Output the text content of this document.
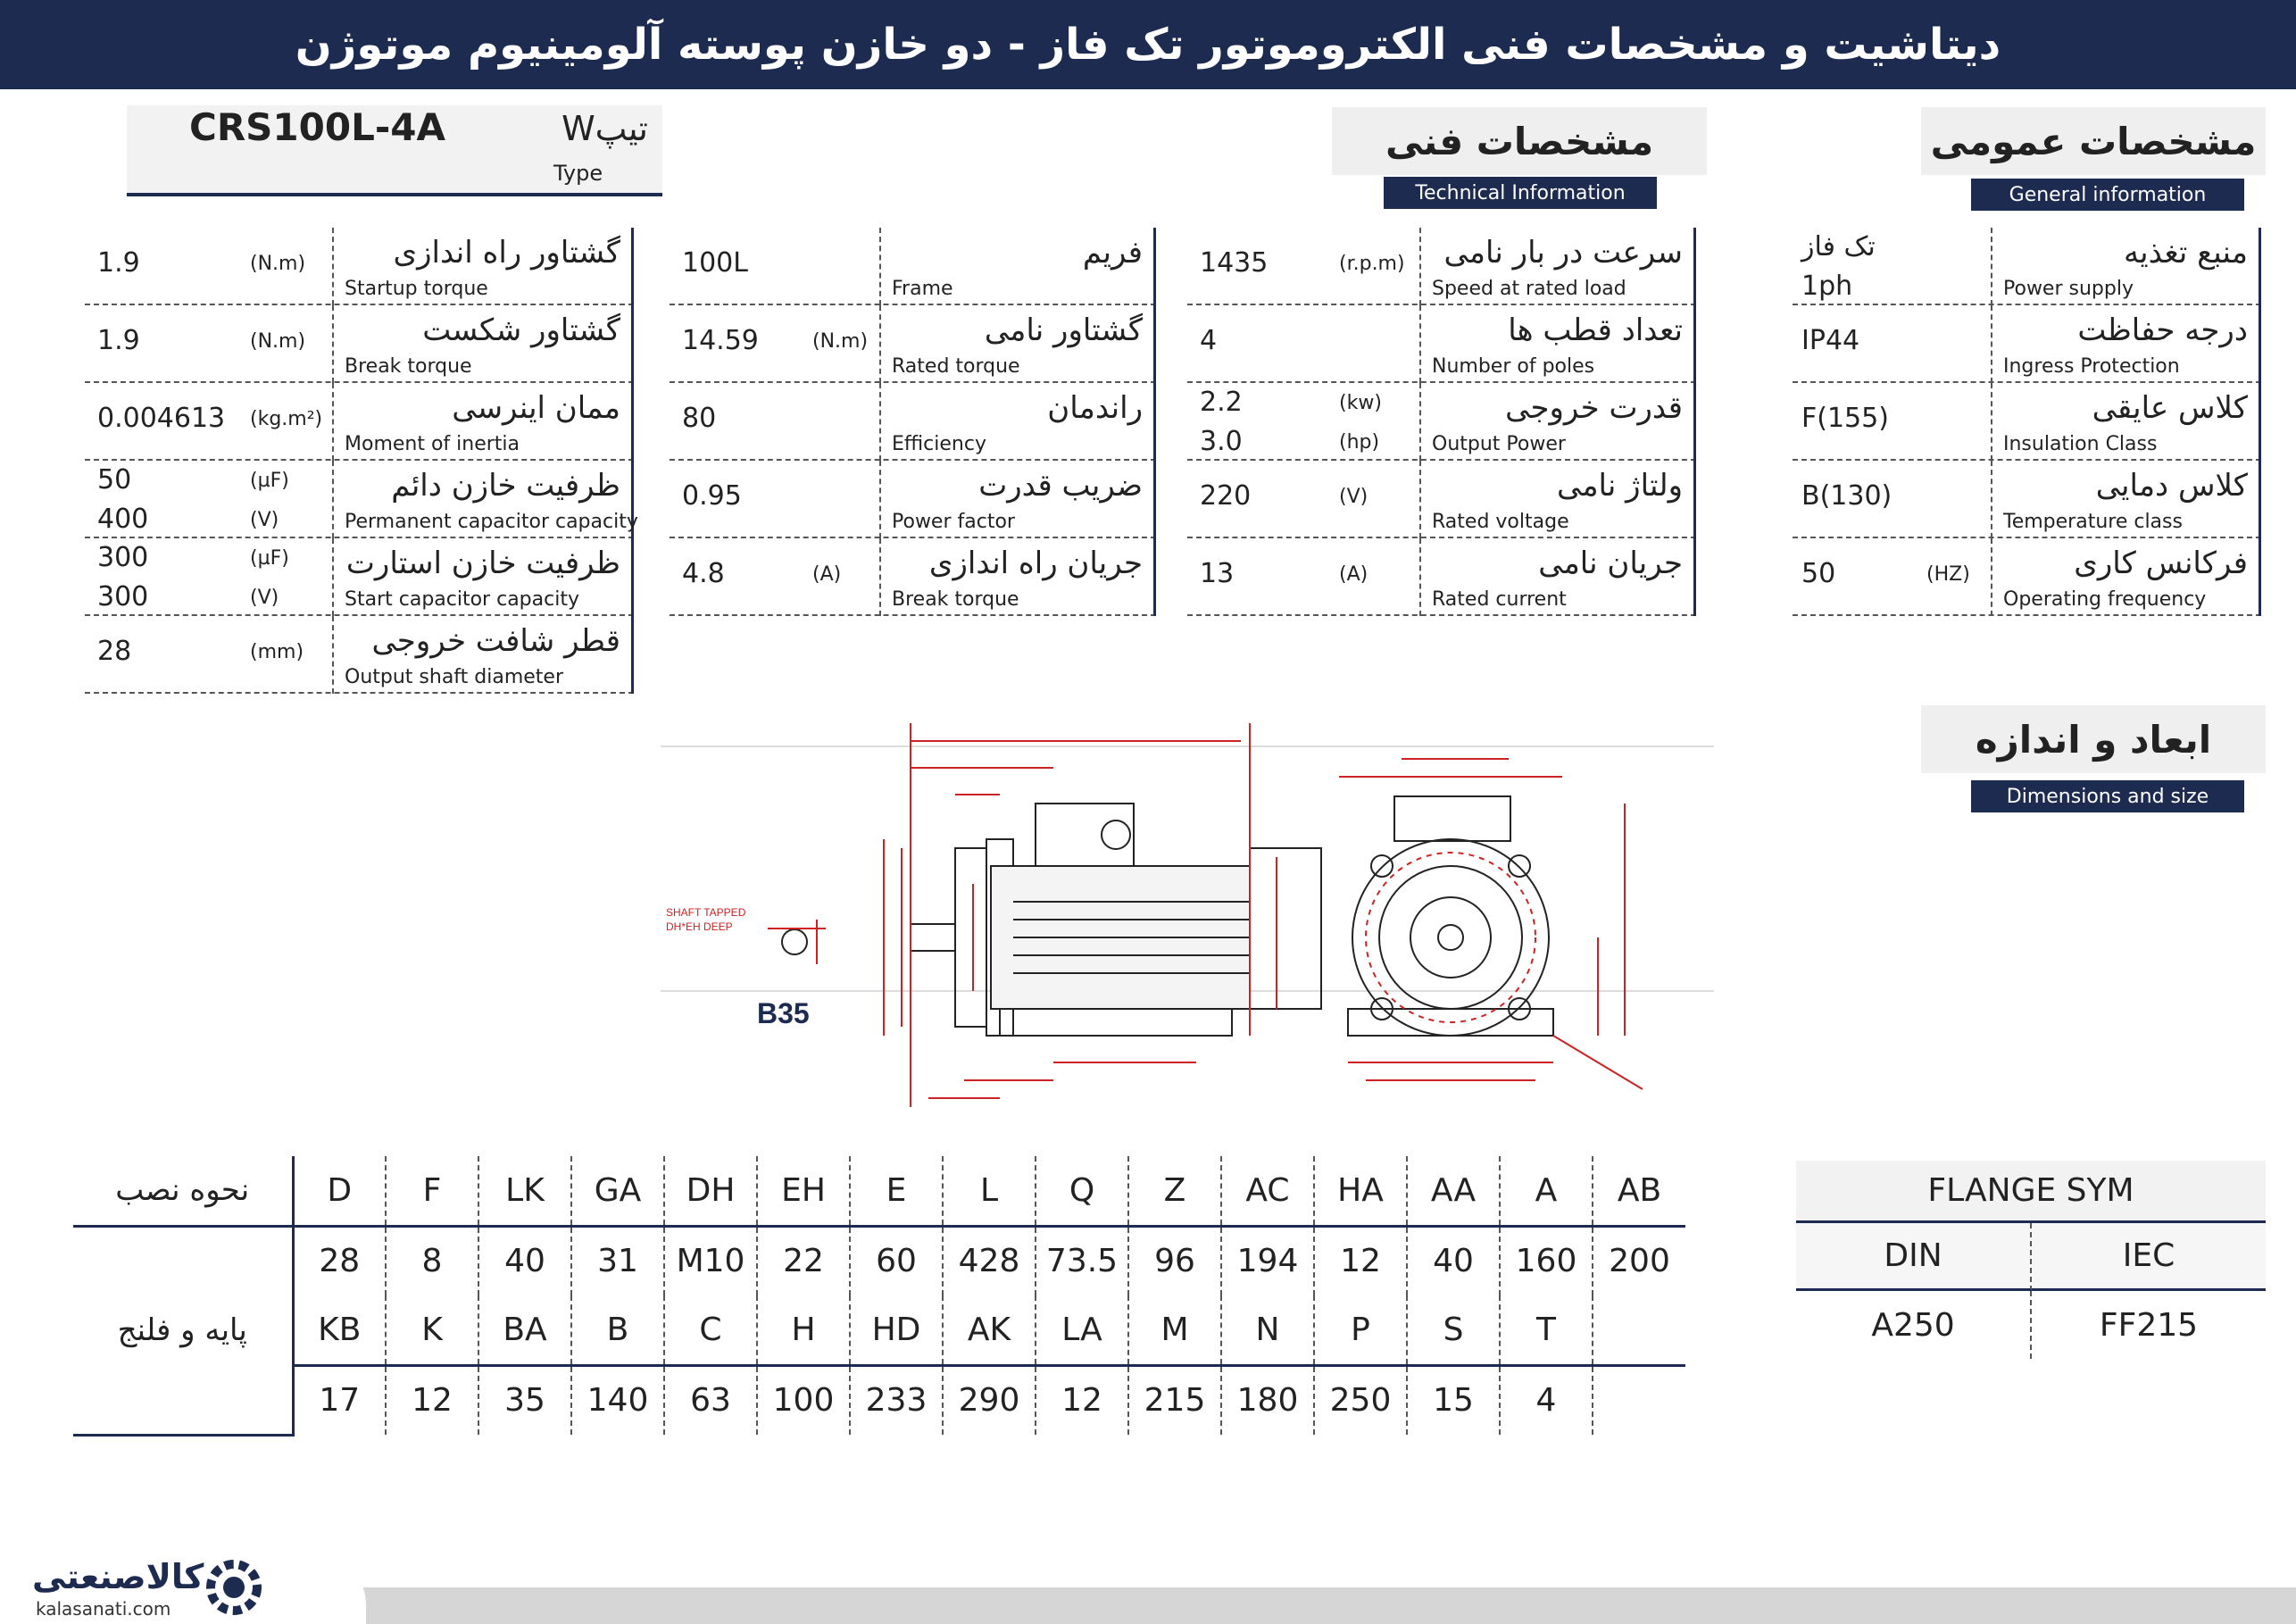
دیتاشیت و مشخصات فنی الکتروموتور تک فاز - دو خازن پوسته آلومینیوم موتوژن
CRS100L-4A	تیپW
Type
مشخصات فنی
Technical Information
مشخصات عمومی
General information
گشتاور راه اندازی
Startup torque
1.9	(N.m)
گشتاور شکست
Break torque
1.9	(N.m)
ممان اینرسی
Moment of inertia
0.004613 (kg.m²)
ظرفیت خازن دائم
Permanent capacitor capacity
50	(µF)
400	(V)
ظرفیت خازن استارت
Start capacitor capacity
300	(µF)
300	(V)
قطر شافت خروجی
Output shaft diameter
28	(mm)
فریم
Frame
100L
گشتاور نامی
Rated torque
14.59	(N.m)
راندمان
Efficiency
80
ضریب قدرت
Power factor
0.95
جریان راه اندازی
Break torque
4.8	(A)
سرعت در بار نامی
Speed at rated load
1435	(r.p.m)
تعداد قطب ها
Number of poles
4
قدرت خروجی
Output Power
2.2	(kw)
3.0	(hp)
ولتاژ نامی
Rated voltage
220	(V)
جریان نامی
Rated current
13	(A)
منبع تغذیه
Power supply
تک فاز
1ph
درجه حفاظت
Ingress Protection
IP44
کلاس عایقی
Insulation Class
F(155)
کلاس دمایی
Temperature class
B(130)
فرکانس کاری
Operating frequency
50	(HZ)
SHAFT TAPPED
DH*EH DEEP
B35
ابعاد و اندازه
Dimensions and size
نحوه نصب	D	F	LK	GA	DH	EH	E	L	Q	Z	AC	HA	AA	A	AB
پایه و فلنج	28	8	40	31	M10	22	60	428	73.5	96	194	12	40	160	200
	KB	K	BA	B	C	H	HD	AK	LA	M	N	P	S	T	
	17	12	35	140	63	100	233	290	12	215	180	250	15	4	
FLANGE SYM
DIN	IEC
A250	FF215
کالاصنعتی
kalasanati.com
